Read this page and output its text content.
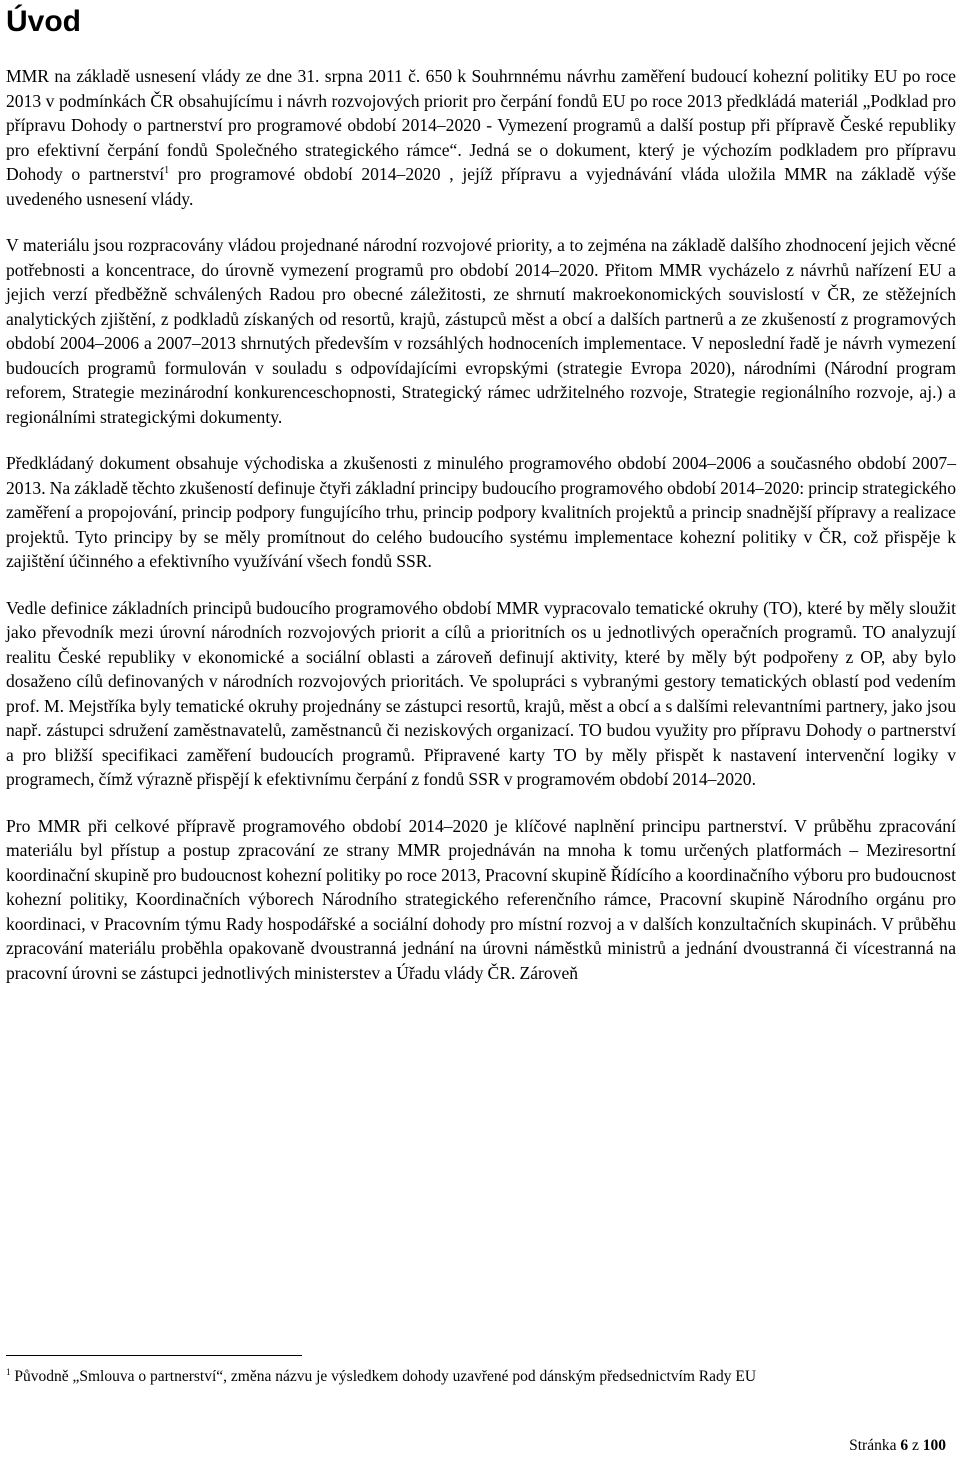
Úvod

MMR na základě usnesení vlády ze dne 31. srpna 2011 č. 650 k Souhrnnému návrhu zaměření budoucí kohezní politiky EU po roce 2013 v podmínkách ČR obsahujícímu i návrh rozvojových priorit pro čerpání fondů EU po roce 2013 předkládá materiál „Podklad pro přípravu Dohody o partnerství pro programové období 2014–2020 - Vymezení programů a další postup při přípravě České republiky pro efektivní čerpání fondů Společného strategického rámce“. Jedná se o dokument, který je výchozím podkladem pro přípravu Dohody o partnerství$^1$ pro programové období 2014–2020 , jejíž přípravu a vyjednávání vláda uložila MMR na základě výše uvedeného usnesení vlády.

V materiálu jsou rozpracovány vládou projednané národní rozvojové priority, a to zejména na základě dalšího zhodnocení jejich věcné potřebnosti a koncentrace, do úrovně vymezení programů pro období 2014–2020. Přitom MMR vycházelo z návrhů nařízení EU a jejich verzí předběžně schválených Radou pro obecné záležitosti, ze shrnutí makroekonomických souvislostí v ČR, ze stěžejních analytických zjištění, z podkladů získaných od resortů, krajů, zástupců měst a obcí a dalších partnerů a ze zkušeností z programových období 2004–2006 a 2007–2013 shrnutých především v rozsáhlých hodnoceních implementace. V neposlední řadě je návrh vymezení budoucích programů formulován v souladu s odpovídajícími evropskými (strategie Evropa 2020), národními (Národní program reforem, Strategie mezinárodní konkurenceschopnosti, Strategický rámec udržitelného rozvoje, Strategie regionálního rozvoje, aj.) a regionálními strategickými dokumenty.

Předkládaný dokument obsahuje východiska a zkušenosti z minulého programového období 2004–2006 a současného období 2007–2013. Na základě těchto zkušeností definuje čtyři základní principy budoucího programového období 2014–2020: princip strategického zaměření a propojování, princip podpory fungujícího trhu, princip podpory kvalitních projektů a princip snadnější přípravy a realizace projektů. Tyto principy by se měly promítnout do celého budoucího systému implementace kohezní politiky v ČR, což přispěje k zajištění účinného a efektivního využívání všech fondů SSR.

Vedle definice základních principů budoucího programového období MMR vypracovalo tematické okruhy (TO), které by měly sloužit jako převodník mezi úrovní národních rozvojových priorit a cílů a prioritních os u jednotlivých operačních programů. TO analyzují realitu České republiky v ekonomické a sociální oblasti a zároveň definují aktivity, které by měly být podpořeny z OP, aby bylo dosaženo cílů definovaných v národních rozvojových prioritách. Ve spolupráci s vybranými gestory tematických oblastí pod vedením prof. M. Mejstříka byly tematické okruhy projednány se zástupci resortů, krajů, měst a obcí a s dalšími relevantními partnery, jako jsou např. zástupci sdružení zaměstnavatelů, zaměstnanců či neziskových organizací. TO budou využity pro přípravu Dohody o partnerství a pro bližší specifikaci zaměření budoucích programů. Připravené karty TO by měly přispět k nastavení intervenční logiky v programech, čímž výrazně přispějí k efektivnímu čerpání z fondů SSR v programovém období 2014–2020.

Pro MMR při celkové přípravě programového období 2014–2020 je klíčové naplnění principu partnerství. V průběhu zpracování materiálu byl přístup a postup zpracování ze strany MMR projednáván na mnoha k tomu určených platformách – Meziresortní koordinační skupině pro budoucnost kohezní politiky po roce 2013, Pracovní skupině Řídícího a koordinačního výboru pro budoucnost kohezní politiky, Koordinačních výborech Národního strategického referenčního rámce, Pracovní skupině Národního orgánu pro koordinaci, v Pracovním týmu Rady hospodářské a sociální dohody pro místní rozvoj a v dalších konzultačních skupinách. V průběhu zpracování materiálu proběhla opakovaně dvoustranná jednání na úrovni náměstků ministrů a jednání dvoustranná či vícestranná na pracovní úrovni se zástupci jednotlivých ministerstev a Úřadu vlády ČR. Zároveň

$^1$ Původně „Smlouva o partnerství“, změna názvu je výsledkem dohody uzavřené pod dánským předsednictvím Rady EU
Stránka 6 z 100
